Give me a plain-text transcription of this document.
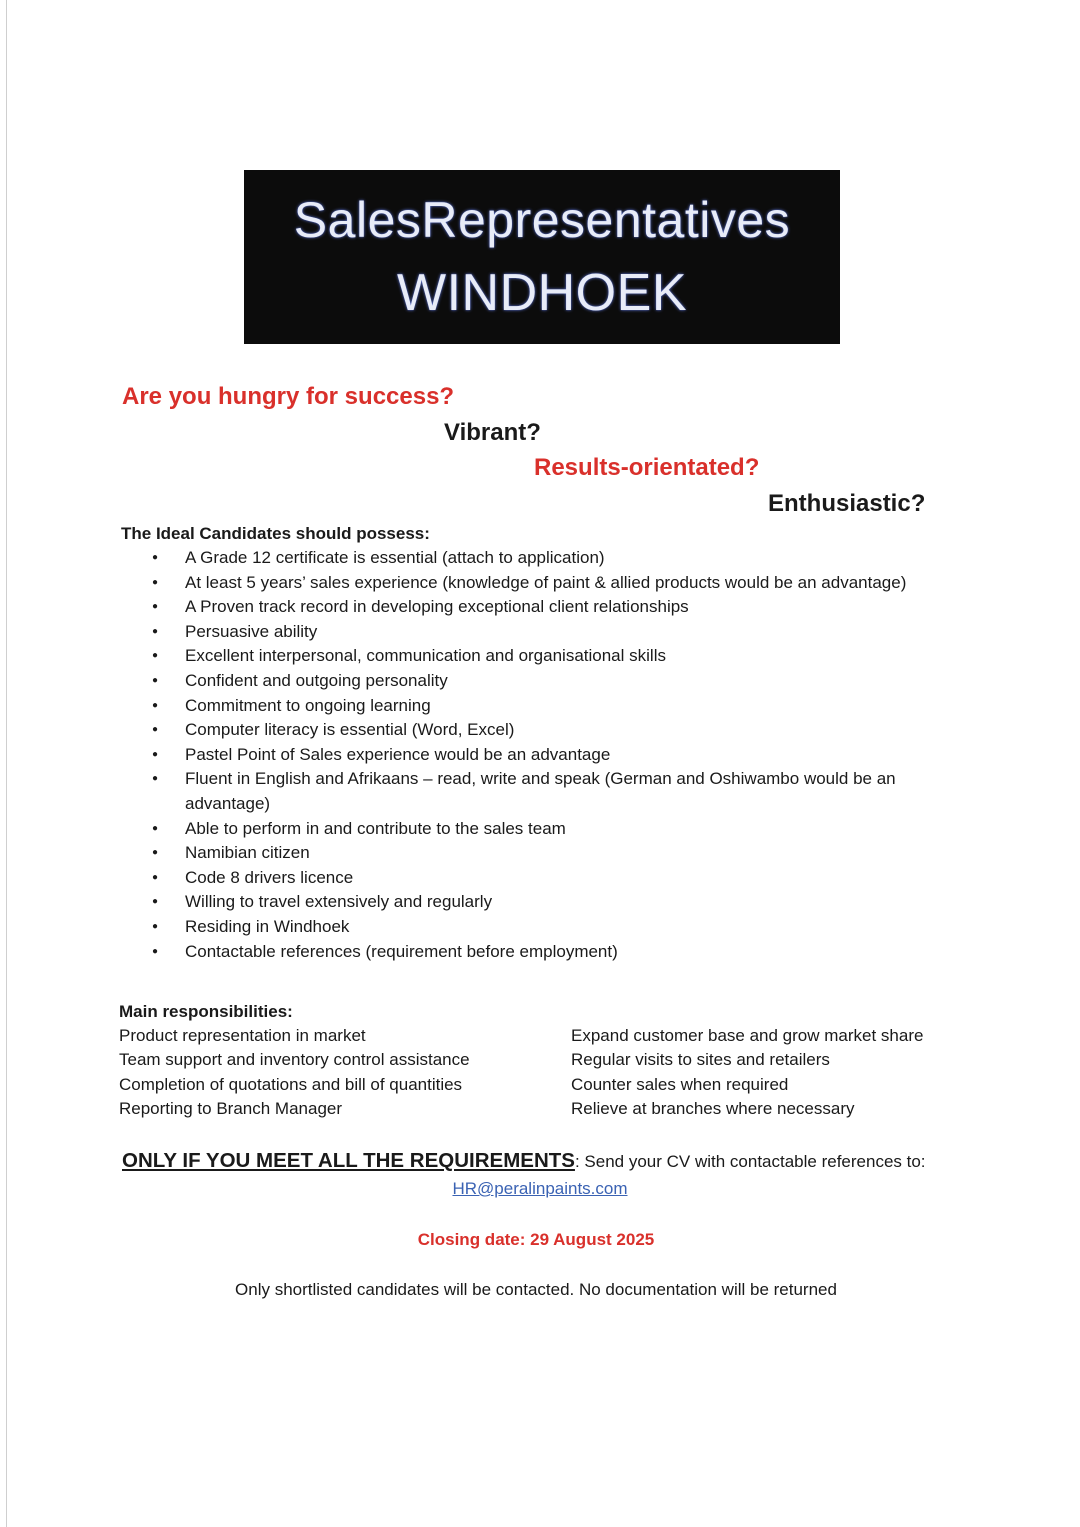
SalesRepresentatives
WINDHOEK
Are you hungry for success?
Vibrant?
Results-orientated?
Enthusiastic?
The Ideal Candidates should possess:
● A Grade 12 certificate is essential (attach to application)
● At least 5 years’ sales experience (knowledge of paint & allied products would be an advantage)
● A Proven track record in developing exceptional client relationships
● Persuasive ability
● Excellent interpersonal, communication and organisational skills
● Confident and outgoing personality
● Commitment to ongoing learning
● Computer literacy is essential (Word, Excel)
● Pastel Point of Sales experience would be an advantage
● Fluent in English and Afrikaans – read, write and speak (German and Oshiwambo would be an advantage)
● Able to perform in and contribute to the sales team
● Namibian citizen
● Code 8 drivers licence
● Willing to travel extensively and regularly
● Residing in Windhoek
● Contactable references (requirement before employment)
Main responsibilities:
Product representation in market
Team support and inventory control assistance
Completion of quotations and bill of quantities
Reporting to Branch Manager
Expand customer base and grow market share
Regular visits to sites and retailers
Counter sales when required
Relieve at branches where necessary
ONLY IF YOU MEET ALL THE REQUIREMENTS: Send your CV with contactable references to:
HR@peralinpaints.com
Closing date: 29 August 2025
Only shortlisted candidates will be contacted. No documentation will be returned
